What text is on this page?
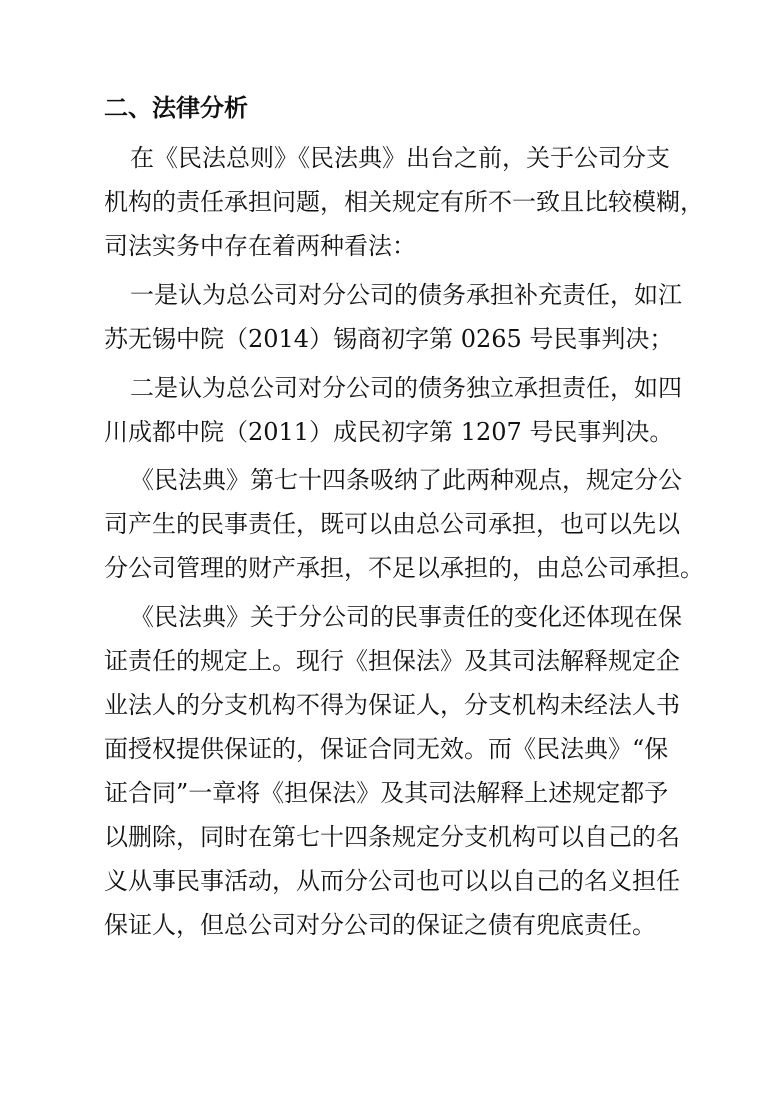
二、法律分析
在《民法总则》《民法典》出台之前，关于公司分支
机构的责任承担问题，相关规定有所不一致且比较模糊，
司法实务中存在着两种看法：
一是认为总公司对分公司的债务承担补充责任，如江
苏无锡中院（2014）锡商初字第 0265 号民事判决；
二是认为总公司对分公司的债务独立承担责任，如四
川成都中院（2011）成民初字第 1207 号民事判决。
《民法典》第七十四条吸纳了此两种观点，规定分公
司产生的民事责任，既可以由总公司承担，也可以先以
分公司管理的财产承担，不足以承担的，由总公司承担。
《民法典》关于分公司的民事责任的变化还体现在保
证责任的规定上。现行《担保法》及其司法解释规定企
业法人的分支机构不得为保证人，分支机构未经法人书
面授权提供保证的，保证合同无效。而《民法典》“保
证合同”一章将《担保法》及其司法解释上述规定都予
以删除，同时在第七十四条规定分支机构可以自己的名
义从事民事活动，从而分公司也可以以自己的名义担任
保证人，但总公司对分公司的保证之债有兜底责任。
